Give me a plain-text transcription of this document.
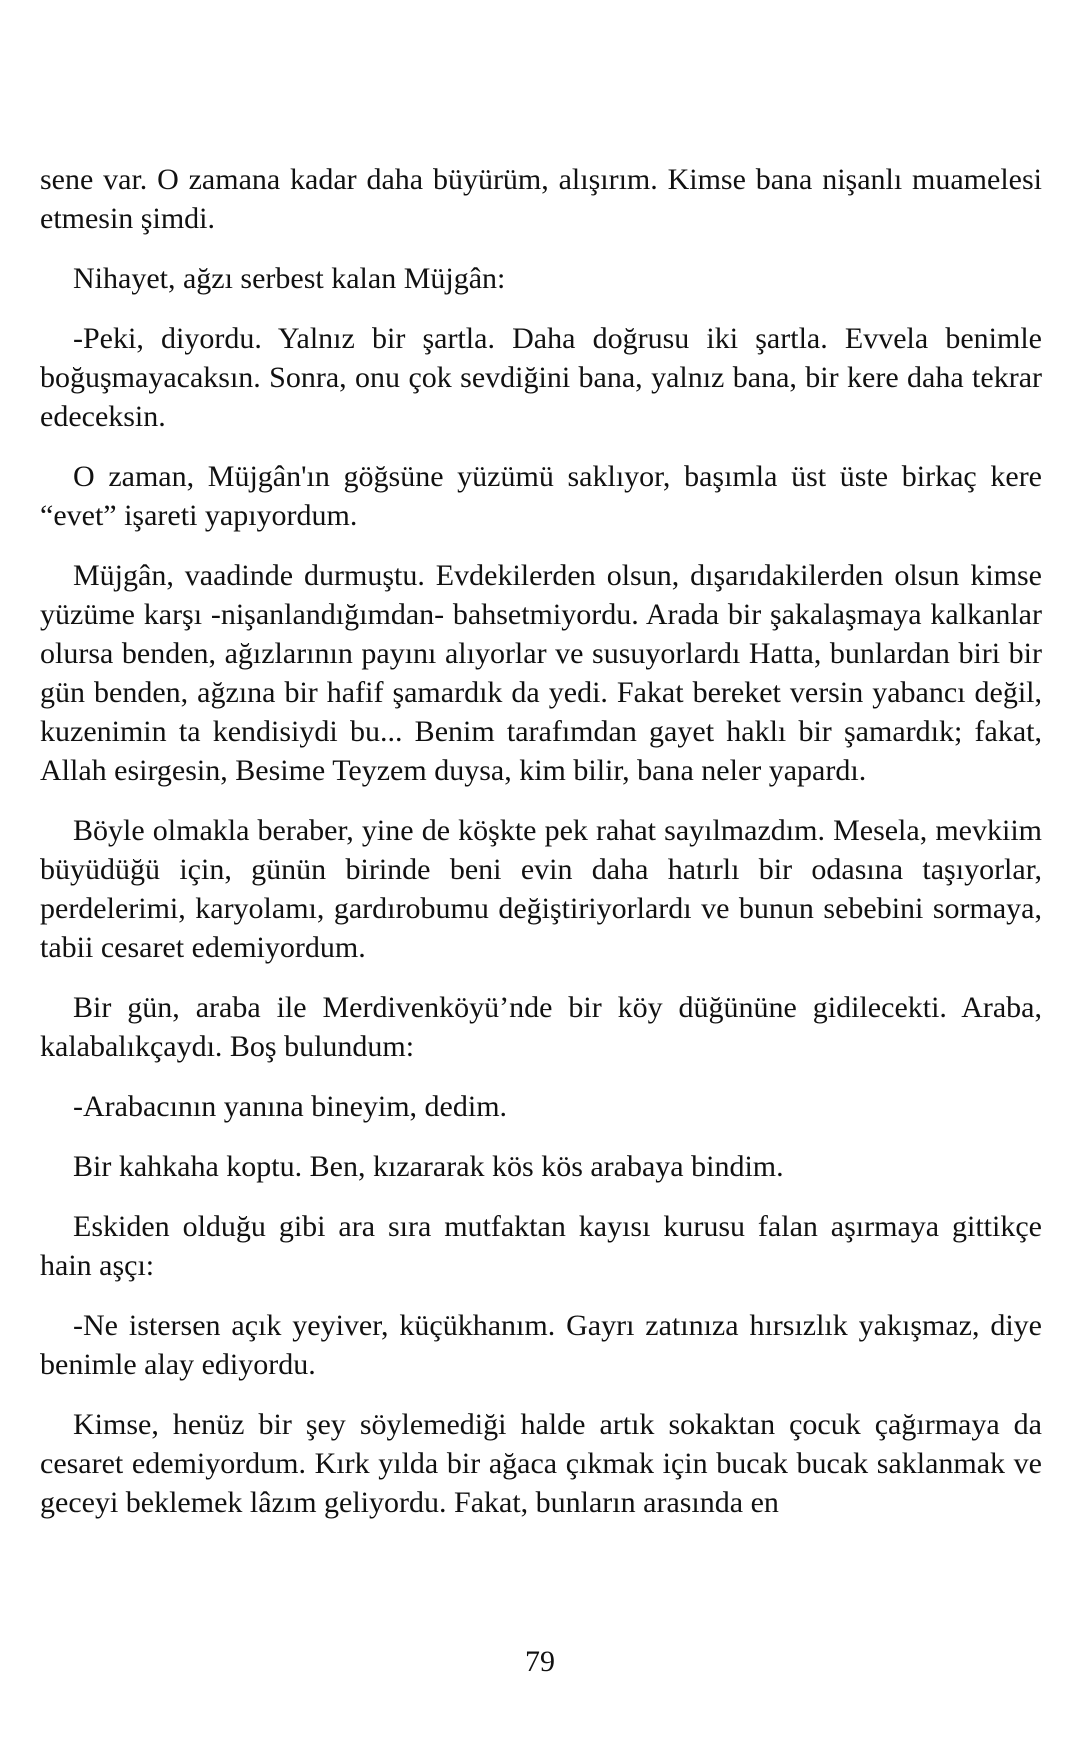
sene var. O zamana kadar daha büyürüm, alışırım. Kimse bana nişanlı muamelesi etmesin şimdi.

Nihayet, ağzı serbest kalan Müjgân:

-Peki, diyordu. Yalnız bir şartla. Daha doğrusu iki şartla. Evvela benimle boğuşmayacaksın. Sonra, onu çok sevdiğini bana, yalnız bana, bir kere daha tekrar edeceksin.

O zaman, Müjgân'ın göğsüne yüzümü saklıyor, başımla üst üste birkaç kere “evet” işareti yapıyordum.

Müjgân, vaadinde durmuştu. Evdekilerden olsun, dışarıdakilerden olsun kimse yüzüme karşı -nişanlandığımdan- bahsetmiyordu. Arada bir şakalaşmaya kalkanlar olursa benden, ağızlarının payını alıyorlar ve susuyorlardı Hatta, bunlardan biri bir gün benden, ağzına bir hafif şamardık da yedi. Fakat bereket versin yabancı değil, kuzenimin ta kendisiydi bu... Benim tarafımdan gayet haklı bir şamardık; fakat, Allah esirgesin, Besime Teyzem duysa, kim bilir, bana neler yapardı.

Böyle olmakla beraber, yine de köşkte pek rahat sayılmazdım. Mesela, mevkiim büyüdüğü için, günün birinde beni evin daha hatırlı bir odasına taşıyorlar, perdelerimi, karyolamı, gardırobumu değiştiriyorlardı ve bunun sebebini sormaya, tabii cesaret edemiyordum.

Bir gün, araba ile Merdivenköyü’nde bir köy düğününe gidilecekti. Araba, kalabalıkçaydı. Boş bulundum:

-Arabacının yanına bineyim, dedim.

Bir kahkaha koptu. Ben, kızararak kös kös arabaya bindim.

Eskiden olduğu gibi ara sıra mutfaktan kayısı kurusu falan aşırmaya gittikçe hain aşçı:

-Ne istersen açık yeyiver, küçükhanım. Gayrı zatınıza hırsızlık yakışmaz, diye benimle alay ediyordu.

Kimse, henüz bir şey söylemediği halde artık sokaktan çocuk çağırmaya da cesaret edemiyordum. Kırk yılda bir ağaca çıkmak için bucak bucak saklanmak ve geceyi beklemek lâzım geliyordu. Fakat, bunların arasında en

79
